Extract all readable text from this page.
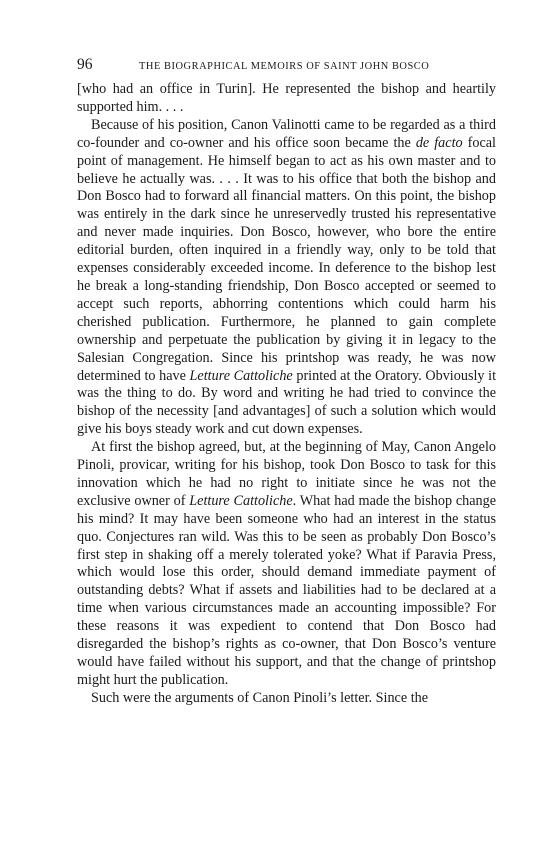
96	THE BIOGRAPHICAL MEMOIRS OF SAINT JOHN BOSCO

[who had an office in Turin]. He represented the bishop and heartily supported him. . . .

Because of his position, Canon Valinotti came to be regarded as a third co-founder and co-owner and his office soon became the de facto focal point of management. He himself began to act as his own master and to believe he actually was. . . . It was to his office that both the bishop and Don Bosco had to forward all financial matters. On this point, the bishop was entirely in the dark since he unreservedly trusted his representative and never made inquiries. Don Bosco, however, who bore the entire editorial burden, often inquired in a friendly way, only to be told that expenses considerably exceeded income. In deference to the bishop lest he break a long-standing friendship, Don Bosco accepted or seemed to accept such reports, abhorring contentions which could harm his cherished publication. Furthermore, he planned to gain complete ownership and perpetuate the publication by giving it in legacy to the Salesian Congregation. Since his printshop was ready, he was now determined to have Letture Cattoliche printed at the Oratory. Obviously it was the thing to do. By word and writing he had tried to convince the bishop of the necessity [and advantages] of such a solution which would give his boys steady work and cut down expenses.

At first the bishop agreed, but, at the beginning of May, Canon Angelo Pinoli, provicar, writing for his bishop, took Don Bosco to task for this innovation which he had no right to initiate since he was not the exclusive owner of Letture Cattoliche. What had made the bishop change his mind? It may have been someone who had an interest in the status quo. Conjectures ran wild. Was this to be seen as probably Don Bosco’s first step in shaking off a merely tolerated yoke? What if Paravia Press, which would lose this order, should demand immediate payment of outstanding debts? What if assets and liabilities had to be declared at a time when various circumstances made an accounting impossible? For these reasons it was expedient to contend that Don Bosco had disregarded the bishop’s rights as co-owner, that Don Bosco’s venture would have failed without his support, and that the change of printshop might hurt the publication.

Such were the arguments of Canon Pinoli’s letter. Since the
